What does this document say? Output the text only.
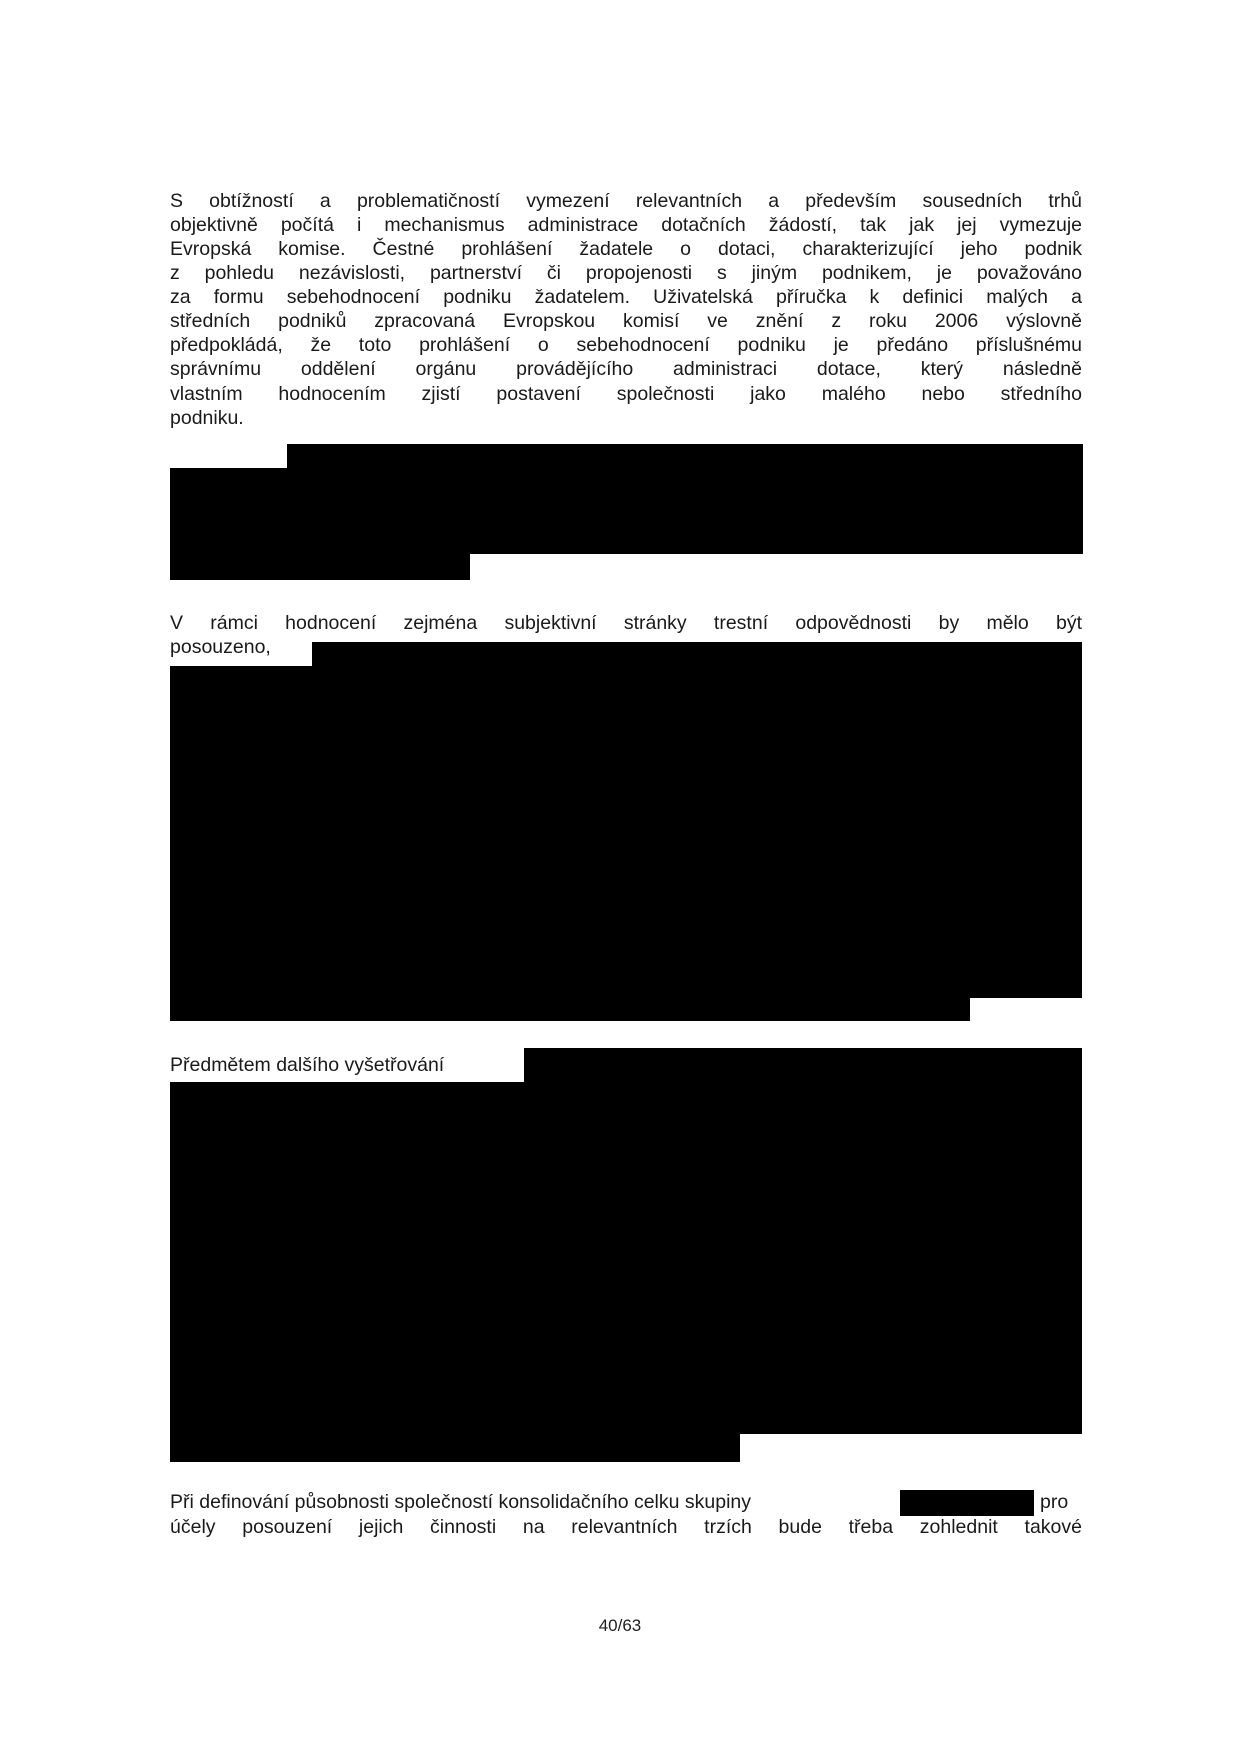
S obtížností a problematičností vymezení relevantních a především sousedních trhů
objektivně počítá i mechanismus administrace dotačních žádostí, tak jak jej vymezuje
Evropská komise. Čestné prohlášení žadatele o dotaci, charakterizující jeho podnik
z pohledu nezávislosti, partnerství či propojenosti s jiným podnikem, je považováno
za formu sebehodnocení podniku žadatelem. Uživatelská příručka k definici malých a
středních podniků zpracovaná Evropskou komisí ve znění z roku 2006 výslovně
předpokládá, že toto prohlášení o sebehodnocení podniku je předáno příslušnému
správnímu oddělení orgánu provádějícího administraci dotace, který následně
vlastním hodnocením zjistí postavení společnosti jako malého nebo středního
podniku.
V rámci hodnocení zejména subjektivní stránky trestní odpovědnosti by mělo být
posouzeno,
Předmětem dalšího vyšetřování
Při definování působnosti společností konsolidačního celku skupiny	pro
účely posouzení jejich činnosti na relevantních trzích bude třeba zohlednit takové
40/63
